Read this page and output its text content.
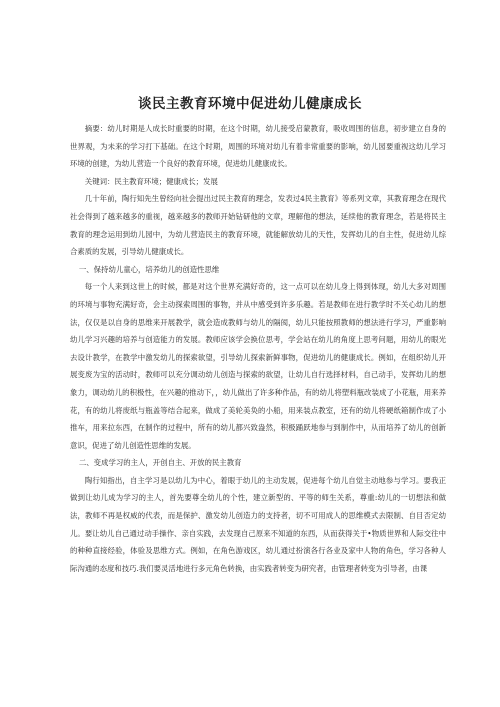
谈民主教育环境中促进幼儿健康成长

摘要：幼儿时期是人成长时重要的时期，在这个时期，幼儿接受启蒙教育，吸收周围的信息，初步建立自身的世界观，为未来的学习打下基础。在这个时期，周围的环境对幼儿有着非常重要的影响，幼儿园要重视这幼儿学习环境的创建，为幼儿营造一个良好的教育环境，促进幼儿健康成长。

关键词：民主教育环境；健康成长；发展

几十年前，陶行知先生曾经向社会提出过民主教育的理念，发表过4民主教育》等系列文章，其教育理念在现代社会得到了越来越多的重视，越来越多的教师开始钻研他的文章，理解他的想法，延续他的教育理念，若是将民主教育的理念运用到幼儿园中，为幼儿营造民主的教育环境，就能解放幼儿的天性，发挥幼儿的自主性，促进幼儿综合素质的发展，引导幼儿健康成长。

一、保持幼儿童心，培养幼儿的创造性思维

每一个人来到这世上的时候，都是对这个世界充满好奇的，这一点可以在幼儿身上得到体现，幼儿大多对周围的环境与事物充满好奇，会主动探索周围的事物，并从中感受到许多乐趣。若是教师在进行教学时不关心幼儿的想法，仅仅是以自身的思维来开展教学，就会造成教师与幼儿的隔阂，幼儿只能按照教师的想法进行学习，严重影响幼儿学习兴趣的培养与创造能力的发展。教师应该学会换位思考，学会站在幼儿的角度上思考问题，用幼儿的眼光去设计教学，在教学中激发幼儿的探索欲望，引导幼儿探索新鲜事物，促进幼儿的健康成长。例如，在组织幼儿开展变废为宝的活动时，教师可以充分调动幼儿创造与探索的欲望，让幼儿自行选择材料，自己动手，发挥幼儿的想象力，调动幼儿的积极性，在兴趣的推动下，，幼儿做出了许多种作品，有的幼儿将塑料瓶改装成了小花瓶，用来养花，有的幼儿将废纸与瓶盖等结合起来，做成了美轮美奂的小船，用来装点教室，还有的幼儿将硬纸箱制作成了小推车，用来拉东西，在制作的过程中，所有的幼儿都兴致盎然，积极踊跃地参与到制作中，从而培养了幼儿的创新意识，促进了幼儿创造性思维的发展。

二、变成学习的主人，开创自主、开放的民主教育

陶行知指出，自主学习是以幼儿为中心，着眼于幼儿的主动发展，促进每个幼儿自觉主动地参与学习。要我正做到让幼儿成为学习的主人，首先要尊全幼儿的个性，建立新型的、平等的师生关系，尊重:幼儿的一切想法和做法，教师不再是权威的代表，而是保护、激发幼儿创造力的支持者，切不可用成人的思维模式去限制、自目否定幼儿。要让幼儿自己通过动手操作、亲自实践，去发现自己原来不知道的东西，从而获得关于•物质世界和人际交往中的种种直接经验，体验及思维方式。例如，在角色游戏区，幼儿通过扮演各行各业及家中人物的角色，学习各种人际沟通的态度和技巧.我们要灵活地进行多元角色转换，由实践者转变为研究者，由管理者转变为引导者，由课
